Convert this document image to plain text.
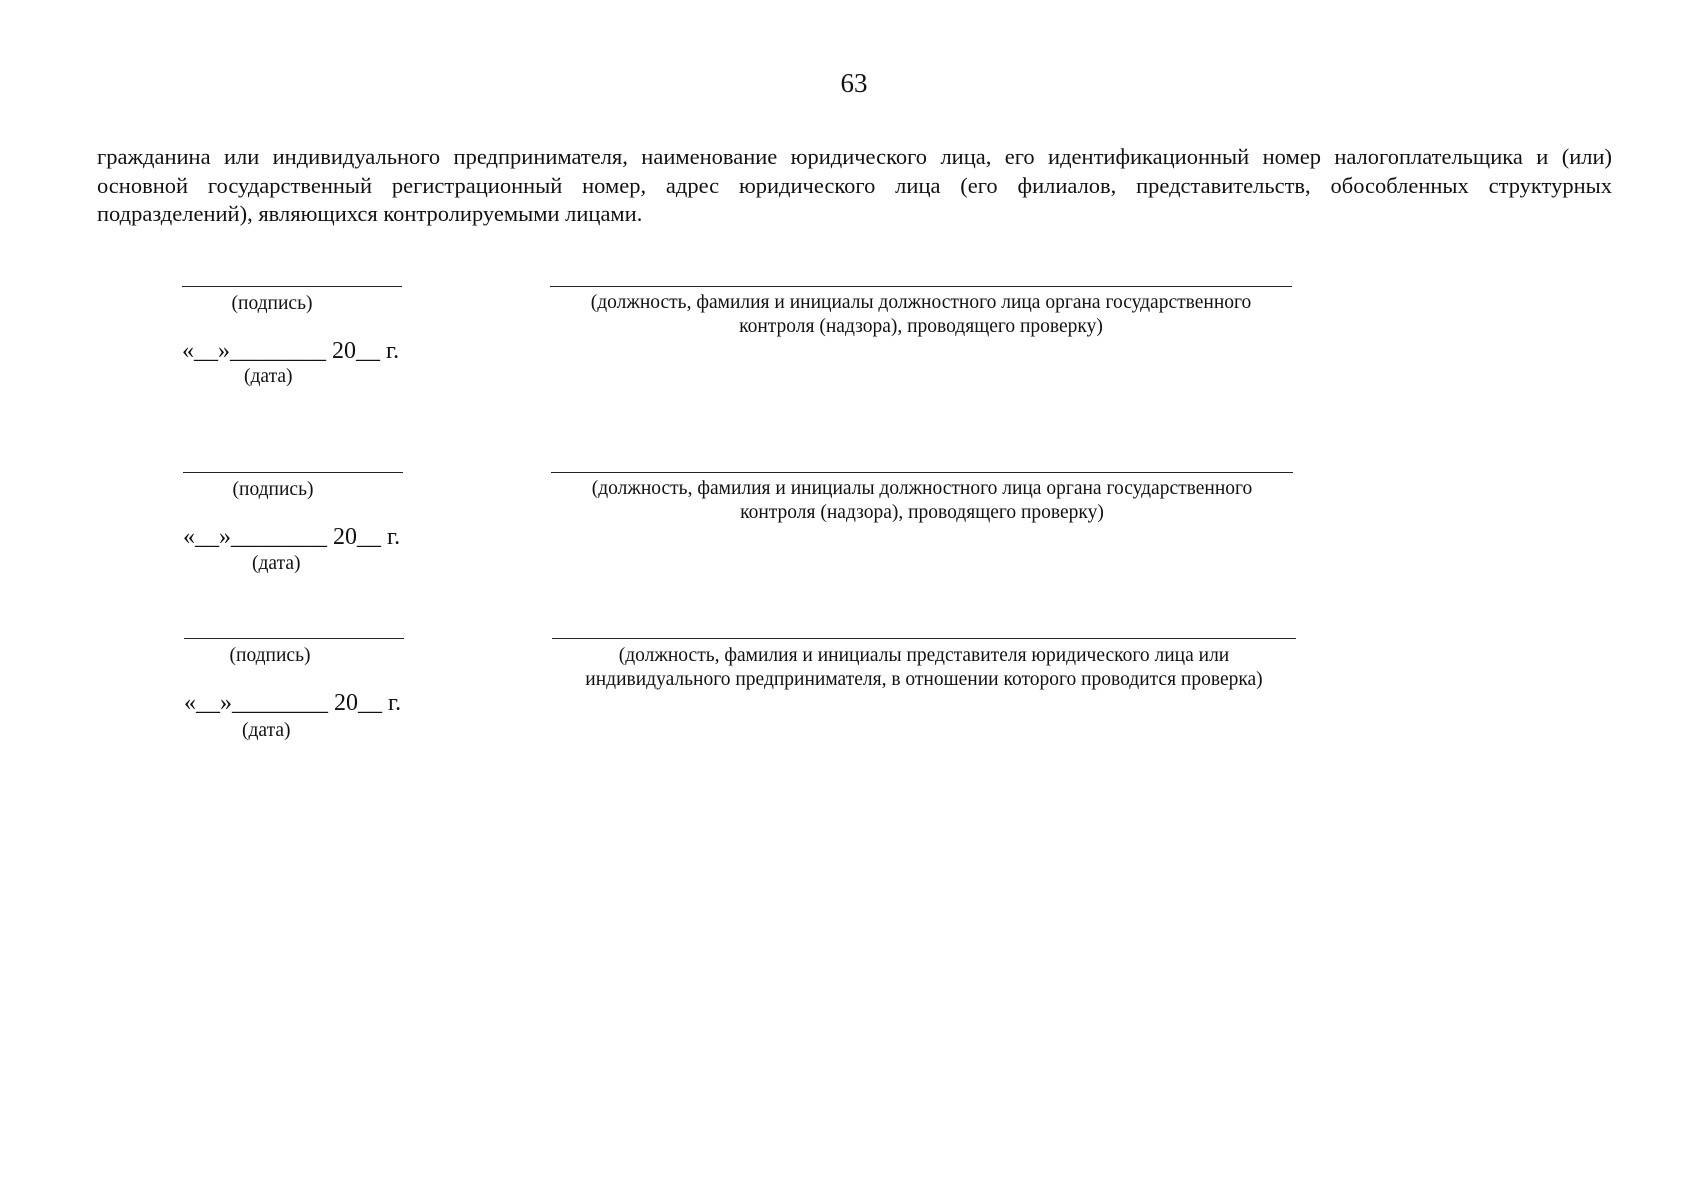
63

гражданина или индивидуального предпринимателя, наименование юридического лица, его идентификационный номер налогоплательщика и (или) основной государственный регистрационный номер, адрес юридического лица (его филиалов, представительств, обособленных структурных подразделений), являющихся контролируемыми лицами.

(подпись)	(должность, фамилия и инициалы должностного лица органа государственного
контроля (надзора), проводящего проверку)
«__»________ 20__ г.
(дата)
(подпись)	(должность, фамилия и инициалы должностного лица органа государственного
контроля (надзора), проводящего проверку)
«__»________ 20__ г.
(дата)
(подпись)	(должность, фамилия и инициалы представителя юридического лица или
индивидуального предпринимателя, в отношении которого проводится проверка)
«__»________ 20__ г.
(дата)
